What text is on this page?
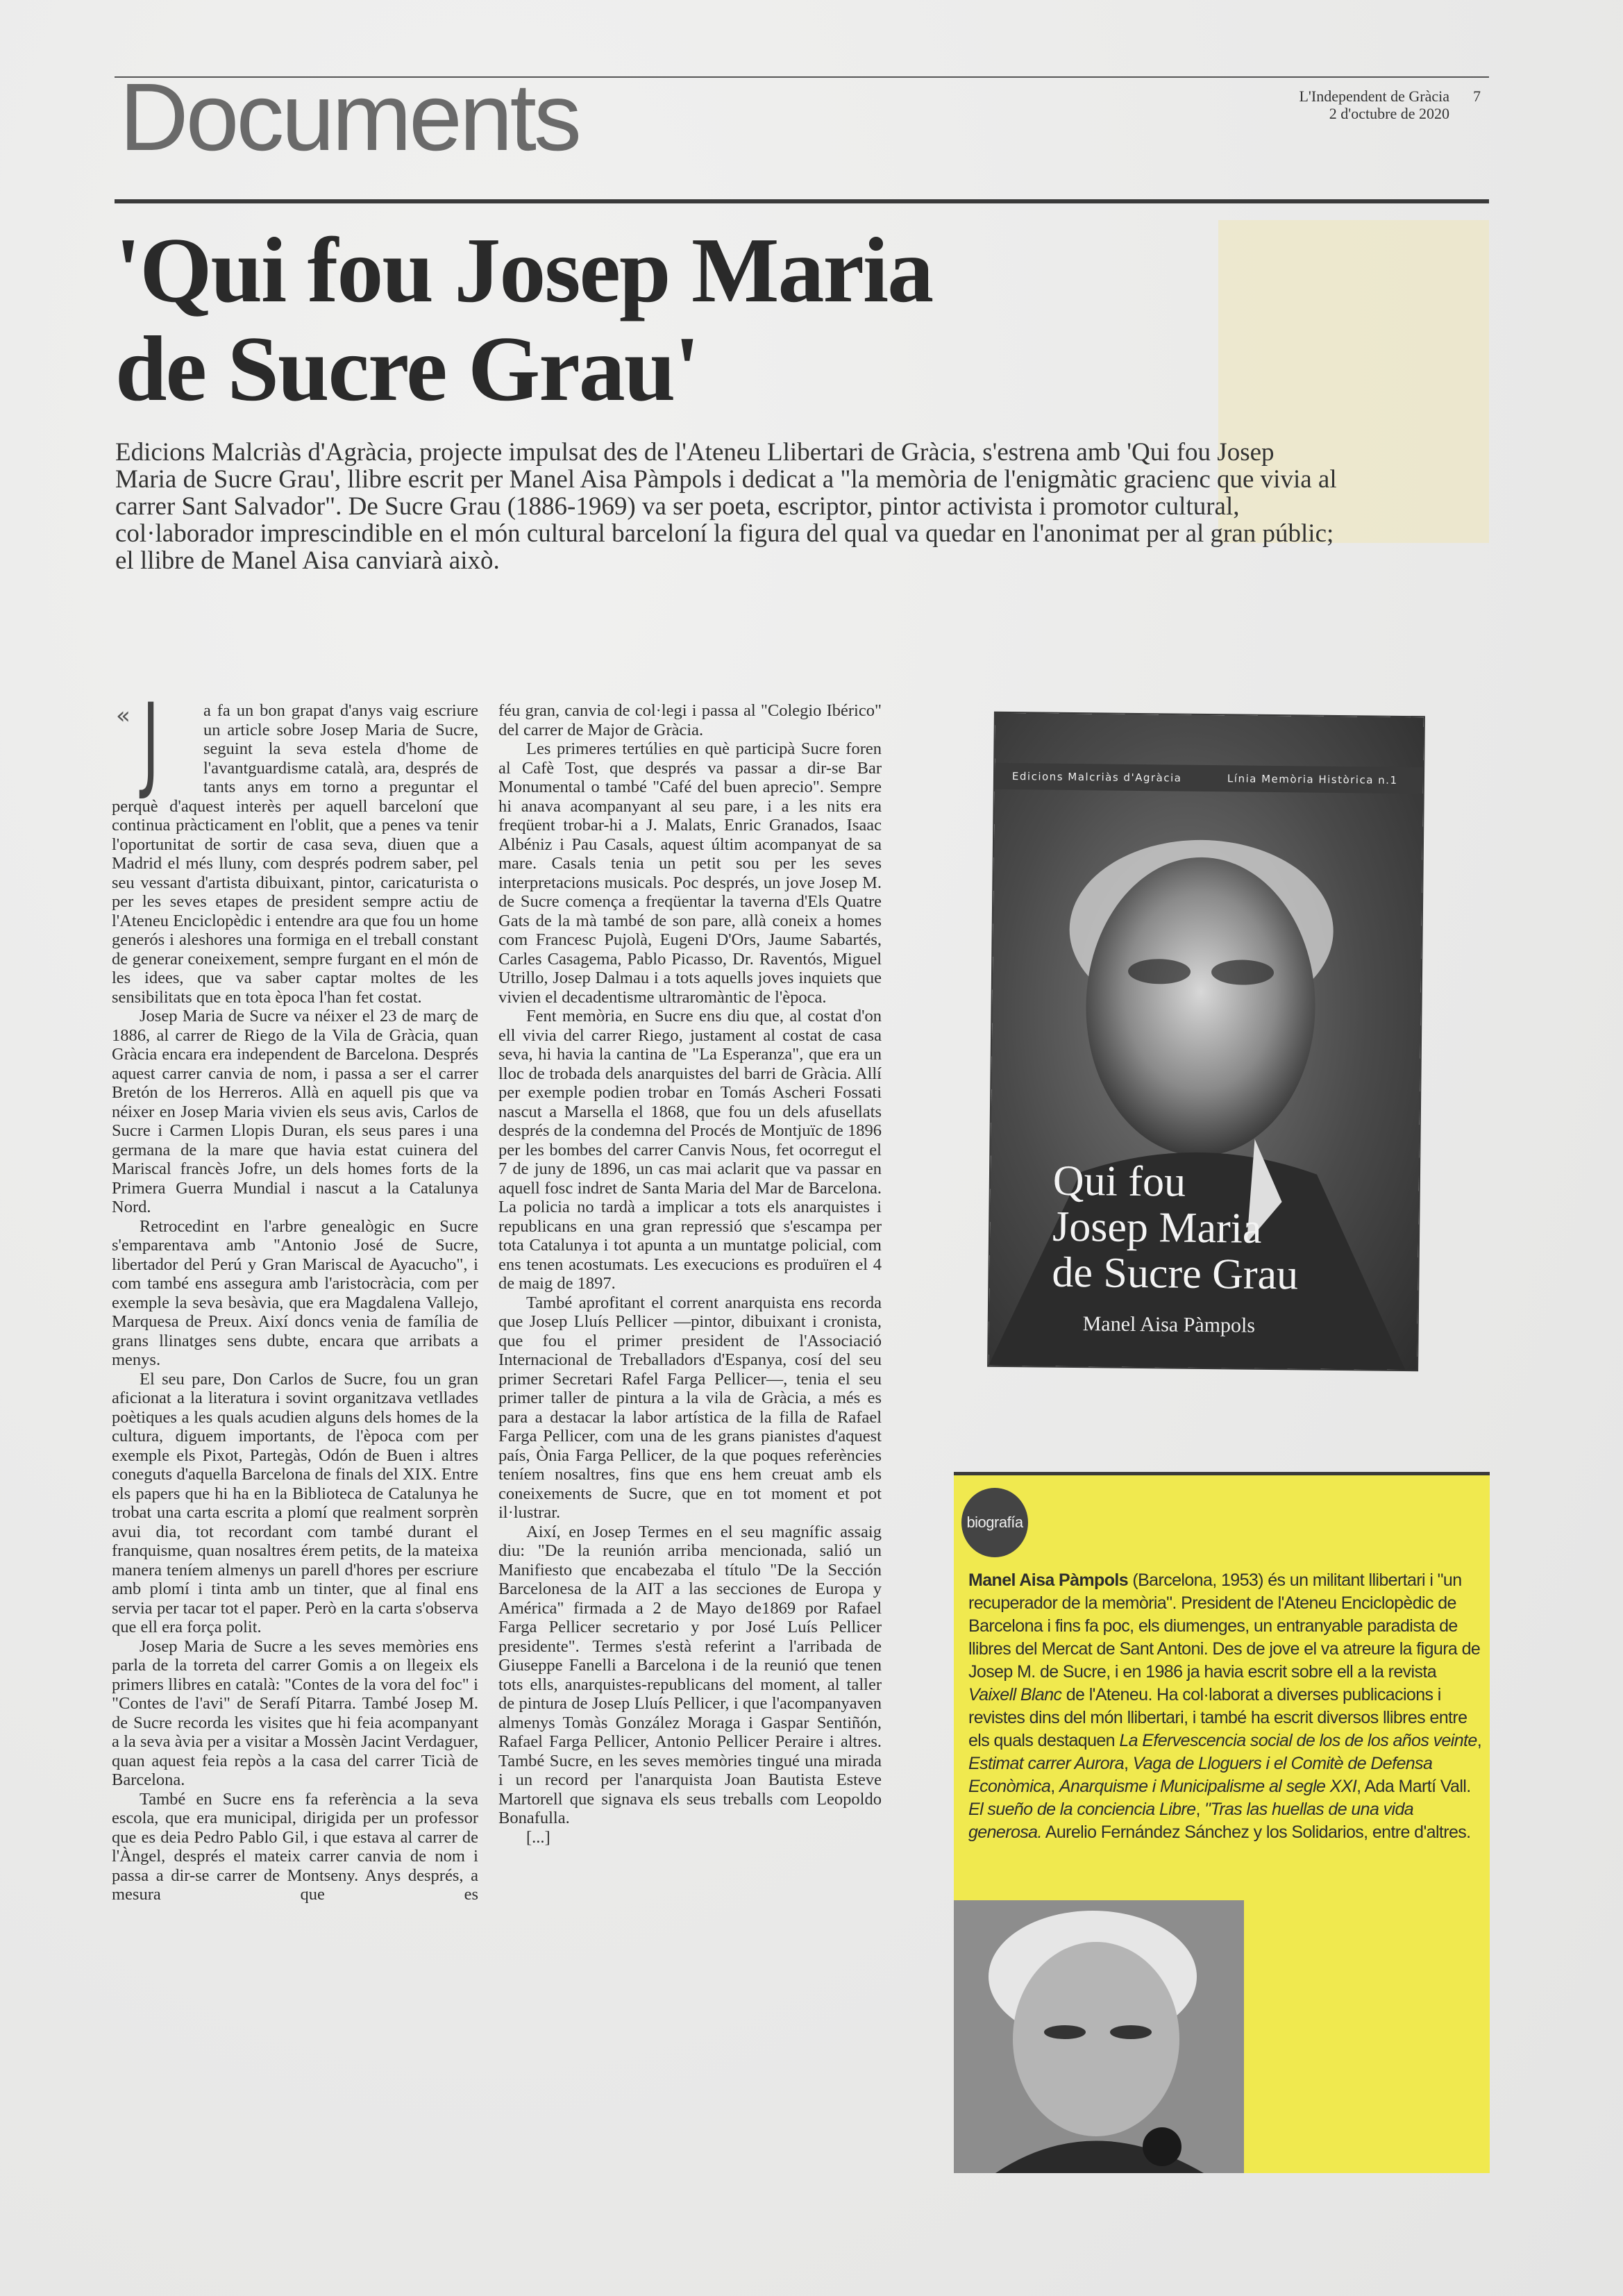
Documents	L'Independent de Gràcia
2 d'octubre de 2020
7
'Qui fou Josep Maria
de Sucre Grau'
Edicions Malcriàs d'Agràcia, projecte impulsat des de l'Ateneu Llibertari de Gràcia, s'estrena amb 'Qui fou Josep Maria de Sucre Grau', llibre escrit per Manel Aisa Pàmpols i dedicat a "la memòria de l'enigmàtic gracienc que vivia al carrer Sant Salvador". De Sucre Grau (1886-1969) va ser poeta, escriptor, pintor activista i promotor cultural, col·laborador imprescindible en el món cultural barceloní la figura del qual va quedar en l'anonimat per al gran públic; el llibre de Manel Aisa canviarà això.
« J	a fa un bon grapat d'anys vaig escriure un article sobre Josep Maria de Sucre, seguint la seva estela d'home de l'avantguardisme català, ara, després de tants anys em torno a preguntar el perquè d'aquest interès per aquell barceloní que continua pràcticament en l'oblit, que a penes va tenir l'oportunitat de sortir de casa seva, diuen que a Madrid el més lluny, com després podrem saber, pel seu vessant d'artista dibuixant, pintor, caricaturista o per les seves etapes de president sempre actiu de l'Ateneu Enciclopèdic i entendre ara que fou un home generós i aleshores una formiga en el treball constant de generar coneixement, sempre furgant en el món de les idees, que va saber captar moltes de les sensibilitats que en tota època l'han fet costat.

Josep Maria de Sucre va néixer el 23 de març de 1886, al carrer de Riego de la Vila de Gràcia, quan Gràcia encara era independent de Barcelona. Després aquest carrer canvia de nom, i passa a ser el carrer Bretón de los Herreros. Allà en aquell pis que va néixer en Josep Maria vivien els seus avis, Carlos de Sucre i Carmen Llopis Duran, els seus pares i una germana de la mare que havia estat cuinera del Mariscal francès Jofre, un dels homes forts de la Primera Guerra Mundial i nascut a la Catalunya Nord.

Retrocedint en l'arbre genealògic en Sucre s'emparentava amb "Antonio José de Sucre, libertador del Perú y Gran Mariscal de Ayacucho", i com també ens assegura amb l'aristocràcia, com per exemple la seva besàvia, que era Magdalena Vallejo, Marquesa de Preux. Així doncs venia de família de grans llinatges sens dubte, encara que arribats a menys.

El seu pare, Don Carlos de Sucre, fou un gran aficionat a la literatura i sovint organitzava vetllades poètiques a les quals acudien alguns dels homes de la cultura, diguem importants, de l'època com per exemple els Pixot, Partegàs, Odón de Buen i altres coneguts d'aquella Barcelona de finals del XIX. Entre els papers que hi ha en la Biblioteca de Catalunya he trobat una carta escrita a plomí que realment sorprèn avui dia, tot recordant com també durant el franquisme, quan nosaltres érem petits, de la mateixa manera teníem almenys un parell d'hores per escriure amb plomí i tinta amb un tinter, que al final ens servia per tacar tot el paper. Però en la carta s'observa que ell era força polit.

Josep Maria de Sucre a les seves memòries ens parla de la torreta del carrer Gomis a on llegeix els primers llibres en català: "Contes de la vora del foc" i "Contes de l'avi" de Serafí Pitarra. També Josep M. de Sucre recorda les visites que hi feia acompanyant a la seva àvia per a visitar a Mossèn Jacint Verdaguer, quan aquest feia repòs a la casa del carrer Ticià de Barcelona.

També en Sucre ens fa referència a la seva escola, que era municipal, dirigida per un professor que es deia Pedro Pablo Gil, i que estava al carrer de l'Àngel, després el mateix carrer canvia de nom i passa a dir-se carrer de Montseny. Anys després, a mesura que es

féu gran, canvia de col·legi i passa al "Colegio Ibérico" del carrer de Major de Gràcia.

Les primeres tertúlies en què participà Sucre foren al Cafè Tost, que després va passar a dir-se Bar Monumental o també "Café del buen aprecio". Sempre hi anava acompanyant al seu pare, i a les nits era freqüent trobar-hi a J. Malats, Enric Granados, Isaac Albéniz i Pau Casals, aquest últim acompanyat de sa mare. Casals tenia un petit sou per les seves interpretacions musicals. Poc després, un jove Josep M. de Sucre comença a freqüentar la taverna d'Els Quatre Gats de la mà també de son pare, allà coneix a homes com Francesc Pujolà, Eugeni D'Ors, Jaume Sabartés, Carles Casagema, Pablo Picasso, Dr. Raventós, Miguel Utrillo, Josep Dalmau i a tots aquells joves inquiets que vivien el decadentisme ultraromàntic de l'època.

Fent memòria, en Sucre ens diu que, al costat d'on ell vivia del carrer Riego, justament al costat de casa seva, hi havia la cantina de "La Esperanza", que era un lloc de trobada dels anarquistes del barri de Gràcia. Allí per exemple podien trobar en Tomás Ascheri Fossati nascut a Marsella el 1868, que fou un dels afusellats després de la condemna del Procés de Montjuïc de 1896 per les bombes del carrer Canvis Nous, fet ocorregut el 7 de juny de 1896, un cas mai aclarit que va passar en aquell fosc indret de Santa Maria del Mar de Barcelona. La policia no tardà a implicar a tots els anarquistes i republicans en una gran repressió que s'escampa per tota Catalunya i tot apunta a un muntatge policial, com ens tenen acostumats. Les execucions es produïren el 4 de maig de 1897.

També aprofitant el corrent anarquista ens recorda que Josep Lluís Pellicer —pintor, dibuixant i cronista, que fou el primer president de l'Associació Internacional de Treballadors d'Espanya, cosí del seu primer Secretari Rafel Farga Pellicer—, tenia el seu primer taller de pintura a la vila de Gràcia, a més es para a destacar la labor artística de la filla de Rafael Farga Pellicer, com una de les grans pianistes d'aquest país, Ònia Farga Pellicer, de la que poques referències teníem nosaltres, fins que ens hem creuat amb els coneixements de Sucre, que en tot moment et pot il·lustrar.

Així, en Josep Termes en el seu magnífic assaig diu: "De la reunión arriba mencionada, salió un Manifiesto que encabezaba el título "De la Sección Barcelonesa de la AIT a las secciones de Europa y América" firmada a 2 de Mayo de1869 por Rafael Farga Pellicer secretario y por José Luís Pellicer presidente". Termes s'està referint a l'arribada de Giuseppe Fanelli a Barcelona i de la reunió que tenen tots ells, anarquistes-republicans del moment, al taller de pintura de Josep Lluís Pellicer, i que l'acompanyaven almenys Tomàs González Moraga i Gaspar Sentiñón, Rafael Farga Pellicer, Antonio Pellicer Peraire i altres. També Sucre, en les seves memòries tingué una mirada i un record per l'anarquista Joan Bautista Esteve Martorell que signava els seus treballs com Leopoldo Bonafulla.

[...]

Edicions Malcriàs d'Agràcia	Línia Memòria Històrica n.1
Qui fou
Josep Maria
de Sucre Grau
Manel Aisa Pàmpols
biografía
Manel Aisa Pàmpols (Barcelona, 1953) és un militant llibertari i "un recuperador de la memòria". President de l'Ateneu Enciclopèdic de Barcelona i fins fa poc, els diumenges, un entranyable paradista de llibres del Mercat de Sant Antoni. Des de jove el va atreure la figura de Josep M. de Sucre, i en 1986 ja havia escrit sobre ell a la revista Vaixell Blanc de l'Ateneu. Ha col·laborat a diverses publicacions i revistes dins del món llibertari, i també ha escrit diversos llibres entre els quals destaquen La Efervescencia social de los de los años veinte, Estimat carrer Aurora, Vaga de Lloguers i el Comitè de Defensa Econòmica, Anarquisme i Municipalisme al segle XXI, Ada Martí Vall. El sueño de la conciencia Libre, "Tras las huellas de una vida generosa. Aurelio Fernández Sánchez y los Solidarios, entre d'altres.
